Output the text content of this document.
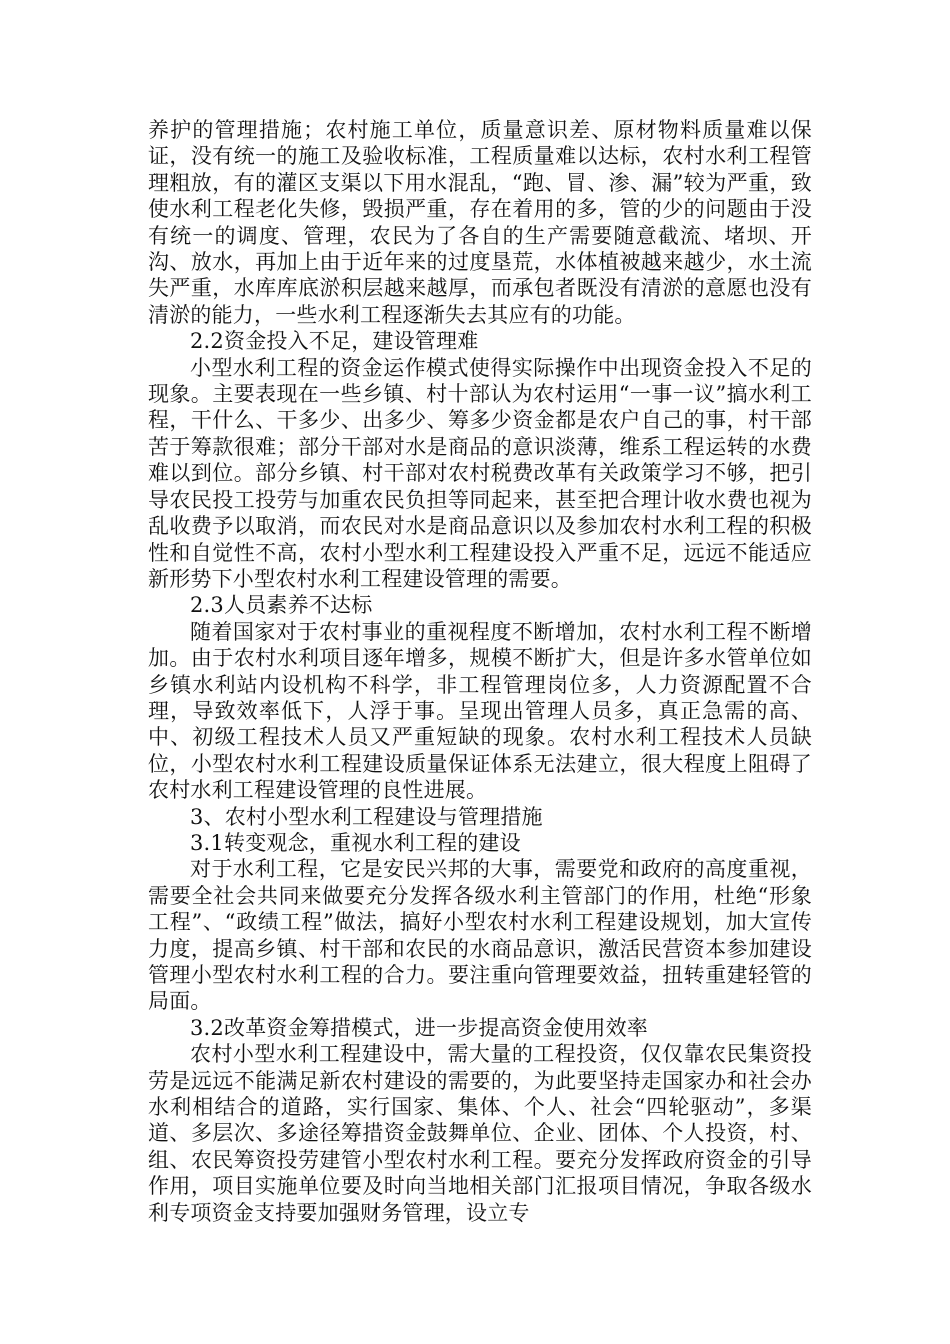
养护的管理措施；农村施工单位，质量意识差、原材物料质量难以保证，没有统一的施工及验收标准，工程质量难以达标，农村水利工程管理粗放，有的灌区支渠以下用水混乱，“跑、冒、渗、漏”较为严重，致使水利工程老化失修，毁损严重，存在着用的多，管的少的问题由于没有统一的调度、管理，农民为了各自的生产需要随意截流、堵坝、开沟、放水，再加上由于近年来的过度垦荒，水体植被越来越少，水土流失严重，水库库底淤积层越来越厚，而承包者既没有清淤的意愿也没有清淤的能力，一些水利工程逐渐失去其应有的功能。

2.2资金投入不足，建设管理难

小型水利工程的资金运作模式使得实际操作中出现资金投入不足的现象。主要表现在一些乡镇、村十部认为农村运用“一事一议”搞水利工程，干什么、干多少、出多少、筹多少资金都是农户自己的事，村干部苦于筹款很难；部分干部对水是商品的意识淡薄，维系工程运转的水费难以到位。部分乡镇、村干部对农村税费改革有关政策学习不够，把引导农民投工投劳与加重农民负担等同起来，甚至把合理计收水费也视为乱收费予以取消，而农民对水是商品意识以及参加农村水利工程的积极性和自觉性不高，农村小型水利工程建设投入严重不足，远远不能适应新形势下小型农村水利工程建设管理的需要。

2.3人员素养不达标

随着国家对于农村事业的重视程度不断增加，农村水利工程不断增加。由于农村水利项目逐年增多，规模不断扩大，但是许多水管单位如乡镇水利站内设机构不科学，非工程管理岗位多，人力资源配置不合理，导致效率低下，人浮于事。呈现出管理人员多，真正急需的高、中、初级工程技术人员又严重短缺的现象。农村水利工程技术人员缺位，小型农村水利工程建设质量保证体系无法建立，很大程度上阻碍了农村水利工程建设管理的良性进展。

3、农村小型水利工程建设与管理措施

3.1转变观念，重视水利工程的建设

对于水利工程，它是安民兴邦的大事，需要党和政府的高度重视，需要全社会共同来做要充分发挥各级水利主管部门的作用，杜绝“形象工程”、“政绩工程”做法，搞好小型农村水利工程建设规划，加大宣传力度，提高乡镇、村干部和农民的水商品意识，激活民营资本参加建设管理小型农村水利工程的合力。要注重向管理要效益，扭转重建轻管的局面。

3.2改革资金筹措模式，进一步提高资金使用效率

农村小型水利工程建设中，需大量的工程投资，仅仅靠农民集资投劳是远远不能满足新农村建设的需要的，为此要坚持走国家办和社会办水利相结合的道路，实行国家、集体、个人、社会“四轮驱动”，多渠道、多层次、多途径筹措资金鼓舞单位、企业、团体、个人投资，村、组、农民筹资投劳建管小型农村水利工程。要充分发挥政府资金的引导作用，项目实施单位要及时向当地相关部门汇报项目情况，争取各级水利专项资金支持要加强财务管理，设立专
